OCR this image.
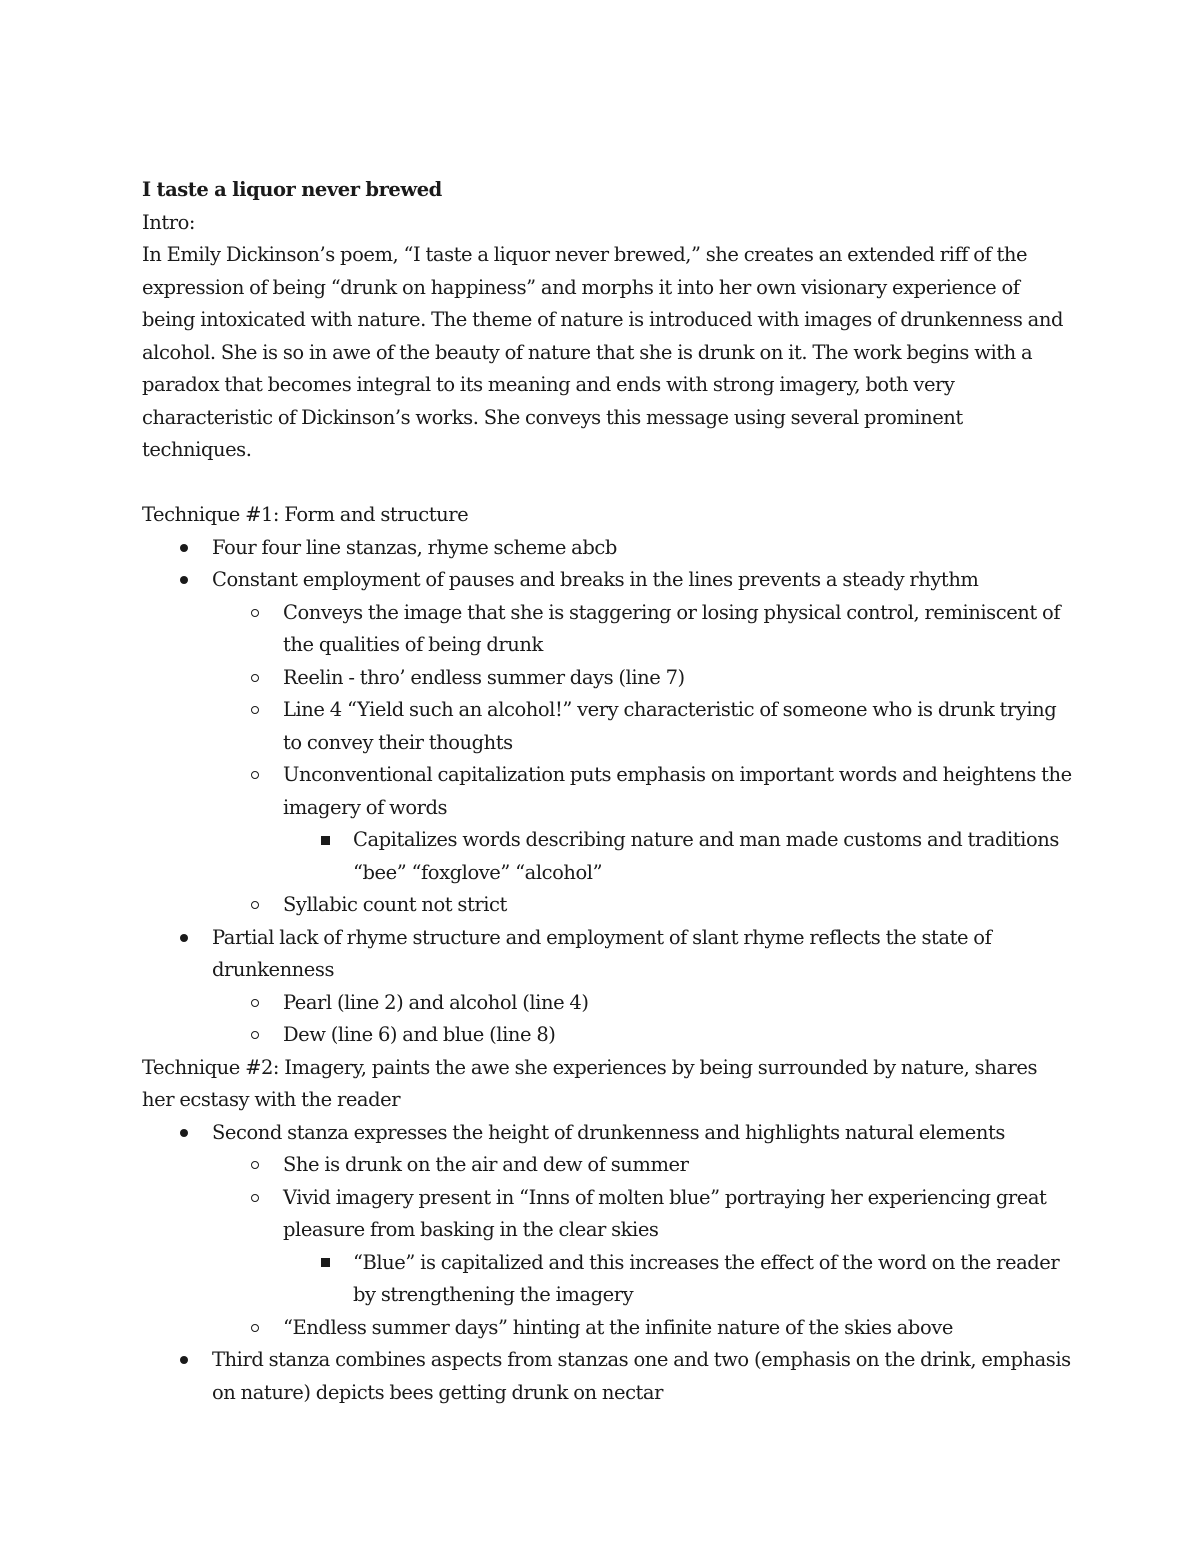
I taste a liquor never brewed

Intro:

In Emily Dickinson’s poem, “I taste a liquor never brewed,” she creates an extended riff of the expression of being “drunk on happiness” and morphs it into her own visionary experience of being intoxicated with nature. The theme of nature is introduced with images of drunkenness and alcohol. She is so in awe of the beauty of nature that she is drunk on it. The work begins with a paradox that becomes integral to its meaning and ends with strong imagery, both very characteristic of Dickinson’s works. She conveys this message using several prominent techniques.

Technique #1: Form and structure

Four four line stanzas, rhyme scheme abcb
Constant employment of pauses and breaks in the lines prevents a steady rhythm
Conveys the image that she is staggering or losing physical control, reminiscent of the qualities of being drunk
Reelin - thro’ endless summer days (line 7)
Line 4 “Yield such an alcohol!” very characteristic of someone who is drunk trying to convey their thoughts
Unconventional capitalization puts emphasis on important words and heightens the imagery of words
Capitalizes words describing nature and man made customs and traditions “bee” “foxglove” “alcohol”
Syllabic count not strict
Partial lack of rhyme structure and employment of slant rhyme reflects the state of drunkenness
Pearl (line 2) and alcohol (line 4)
Dew (line 6) and blue (line 8)

Technique #2: Imagery, paints the awe she experiences by being surrounded by nature, shares her ecstasy with the reader

Second stanza expresses the height of drunkenness and highlights natural elements
She is drunk on the air and dew of summer
Vivid imagery present in “Inns of molten blue” portraying her experiencing great pleasure from basking in the clear skies
“Blue” is capitalized and this increases the effect of the word on the reader by strengthening the imagery
“Endless summer days” hinting at the infinite nature of the skies above
Third stanza combines aspects from stanzas one and two (emphasis on the drink, emphasis on nature) depicts bees getting drunk on nectar
